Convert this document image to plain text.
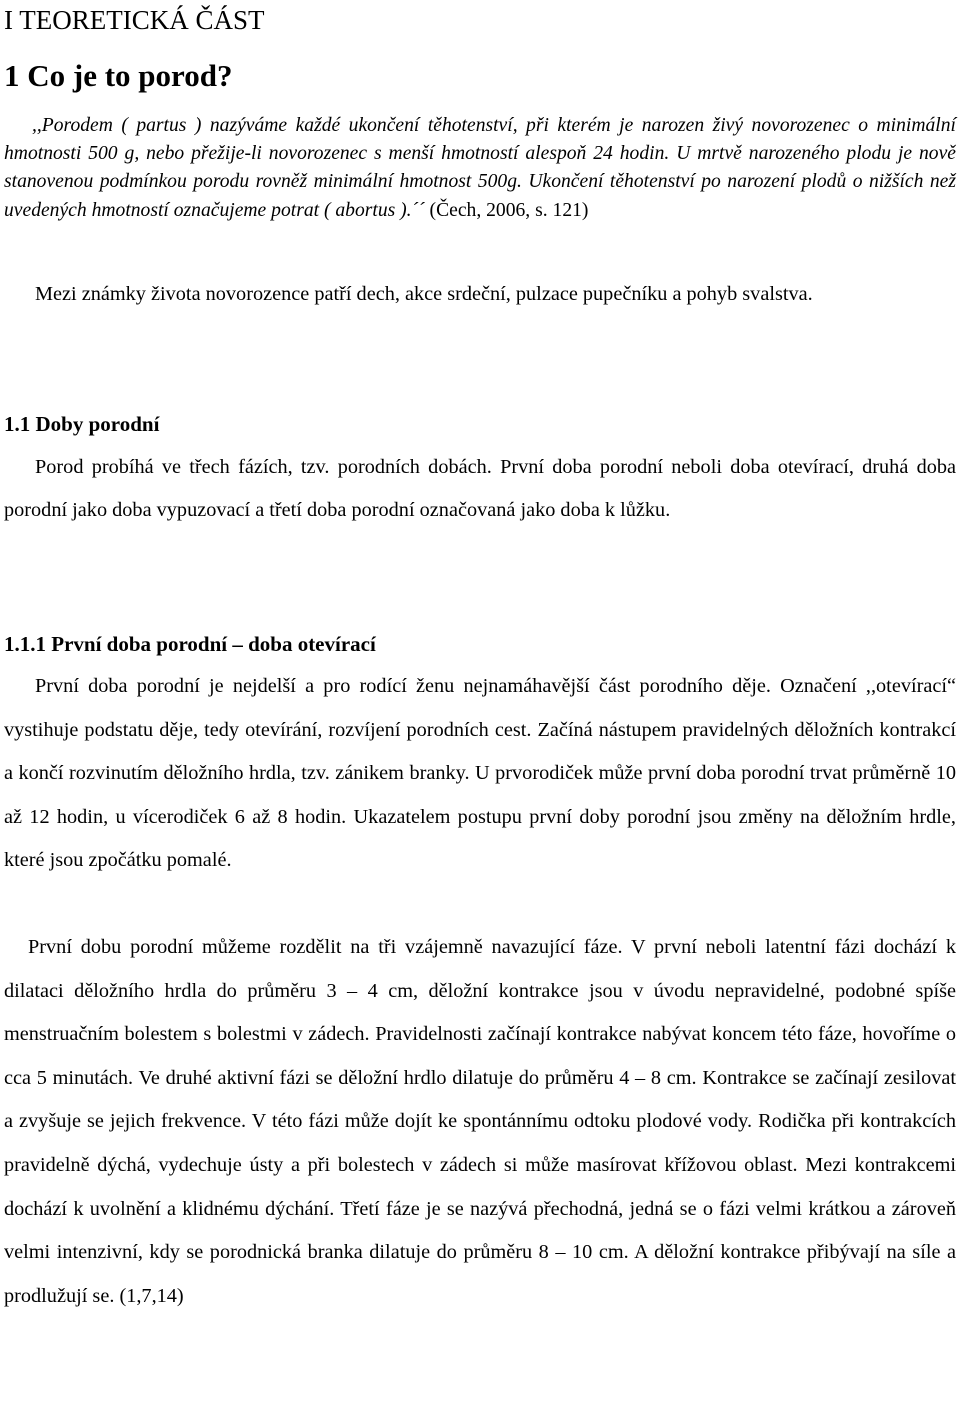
I TEORETICKÁ ČÁST
1 Co je to porod?
,,Porodem ( partus ) nazýváme každé ukončení těhotenství, při kterém je narozen živý novorozenec o minimální hmotnosti 500 g, nebo přežije-li novorozenec s menší hmotností alespoň 24 hodin. U mrtvě narozeného plodu je nově stanovenou podmínkou porodu rovněž minimální hmotnost 500g. Ukončení těhotenství po narození plodů o nižších než uvedených hmotností označujeme potrat ( abortus ).´´ (Čech, 2006, s. 121)
Mezi známky života novorozence patří dech, akce srdeční, pulzace pupečníku a pohyb svalstva.
1.1 Doby porodní
Porod probíhá ve třech fázích, tzv. porodních dobách. První doba porodní neboli doba otevírací, druhá doba porodní jako doba vypuzovací a třetí doba porodní označovaná jako doba k lůžku.
1.1.1 První doba porodní – doba otevírací
První doba porodní je nejdelší a pro rodící ženu nejnamáhavější část porodního děje. Označení ,,otevírací“ vystihuje podstatu děje, tedy otevírání, rozvíjení porodních cest. Začíná nástupem pravidelných děložních kontrakcí a končí rozvinutím děložního hrdla, tzv. zánikem branky. U prvorodiček může první doba porodní trvat průměrně 10 až 12 hodin, u vícerodiček 6 až 8 hodin. Ukazatelem postupu první doby porodní jsou změny na děložním hrdle, které jsou zpočátku pomalé.
První dobu porodní můžeme rozdělit na tři vzájemně navazující fáze. V první neboli latentní fázi dochází k dilataci děložního hrdla do průměru 3 – 4 cm, děložní kontrakce jsou v úvodu nepravidelné, podobné spíše menstruačním bolestem s bolestmi v zádech. Pravidelnosti začínají kontrakce nabývat koncem této fáze, hovoříme o cca 5 minutách. Ve druhé aktivní fázi se děložní hrdlo dilatuje do průměru 4 – 8 cm. Kontrakce se začínají zesilovat a zvyšuje se jejich frekvence. V této fázi může dojít ke spontánnímu odtoku plodové vody. Rodička při kontrakcích pravidelně dýchá, vydechuje ústy a při bolestech v zádech si může masírovat křížovou oblast. Mezi kontrakcemi dochází k uvolnění a klidnému dýchání. Třetí fáze je se nazývá přechodná, jedná se o fázi velmi krátkou a zároveň velmi intenzivní, kdy se porodnická branka dilatuje do průměru 8 – 10 cm. A děložní kontrakce přibývají na síle a prodlužují se. (1,7,14)
